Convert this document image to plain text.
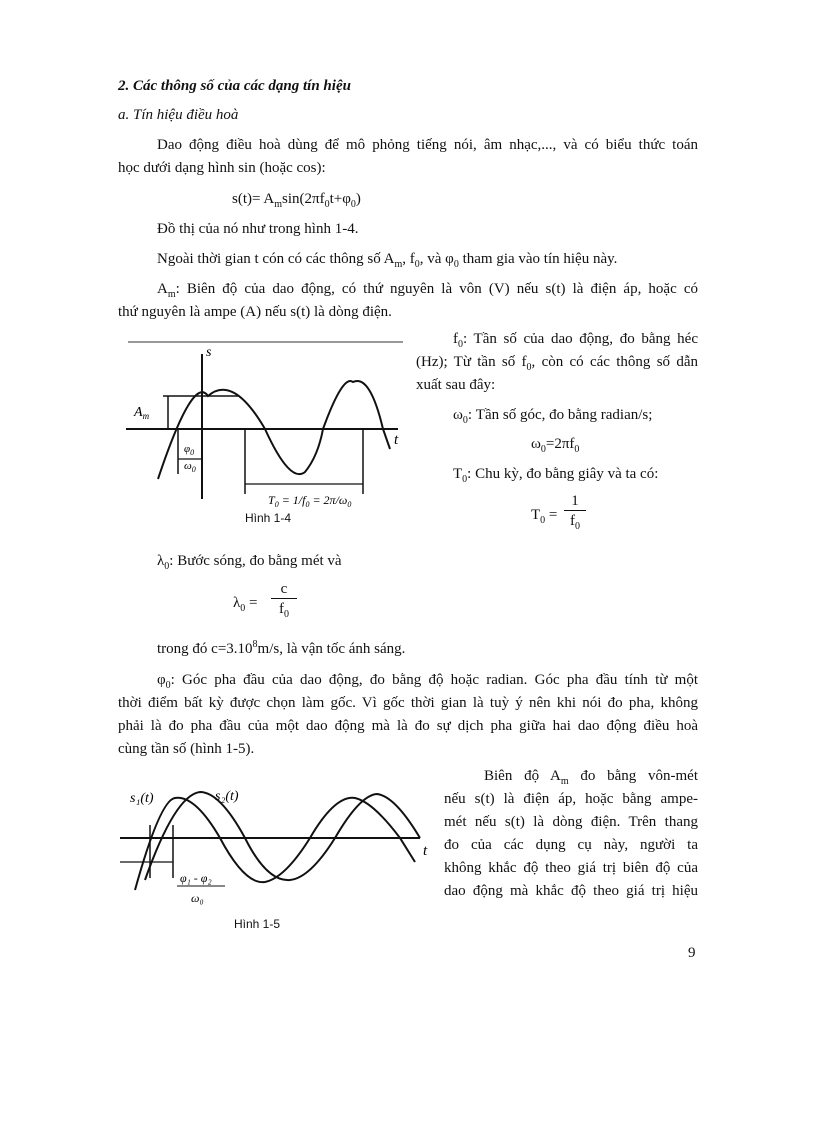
2. Các thông số của các dạng tín hiệu
a. Tín hiệu điều hoà
Dao động điều hoà dùng để mô phỏng tiếng nói, âm nhạc,..., và có biểu thức toán
học dưới dạng hình sin (hoặc cos):
$s(t)= A_m\sin(2\pi f_0t+\varphi_0)$
Đồ thị của nó như trong hình 1-4.
Ngoài thời gian t cón có các thông số $A_m$, $f_0$, và $\varphi_0$ tham gia vào tín hiệu này.
$A_m$: Biên độ của dao động, có thứ nguyên là vôn (V) nếu s(t) là điện áp, hoặc có
thứ nguyên là ampe (A) nếu s(t) là dòng điện.
s
t
$A_m$
$\varphi_0$
$\omega_0$
$T_0 = 1/f_0 = 2\pi/\omega_0$
Hình 1-4
$f_0$: Tần số của dao động, đo bằng héc
(Hz); Từ tần số $f_0$, còn có các thông số dẫn
xuất sau đây:
$\omega_0$: Tần số góc, đo bằng radian/s;
$\omega_0=2\pi f_0$
$T_0$: Chu kỳ, đo bằng giây và ta có:
$T_0 = \frac{1}{f_0}$
$\lambda_0$: Bước sóng, đo bằng mét và
$\lambda_0 = \frac{c}{f_0}$
trong đó $c=3.10^8m/s$, là vận tốc ánh sáng.
$\varphi_0$: Góc pha đầu của dao động, đo bằng độ hoặc radian. Góc pha đầu tính từ một
thời điểm bất kỳ được chọn làm gốc. Vì gốc thời gian là tuỳ ý nên khi nói đo pha, không
phải là đo pha đầu của một dao động mà là đo sự dịch pha giữa hai dao động điều hoà
cùng tần số (hình 1-5).
s₁(t)	s₂(t)
t
φ₁ - φ₂
ω₀
Hình 1-5
Biên độ $A_m$ đo bằng vôn-mét
nếu s(t) là điện áp, hoặc bằng ampe-
mét nếu s(t) là dòng điện. Trên thang
đo của các dụng cụ này, người ta
không khắc độ theo giá trị biên độ của
dao động mà khắc độ theo giá trị hiệu
9
